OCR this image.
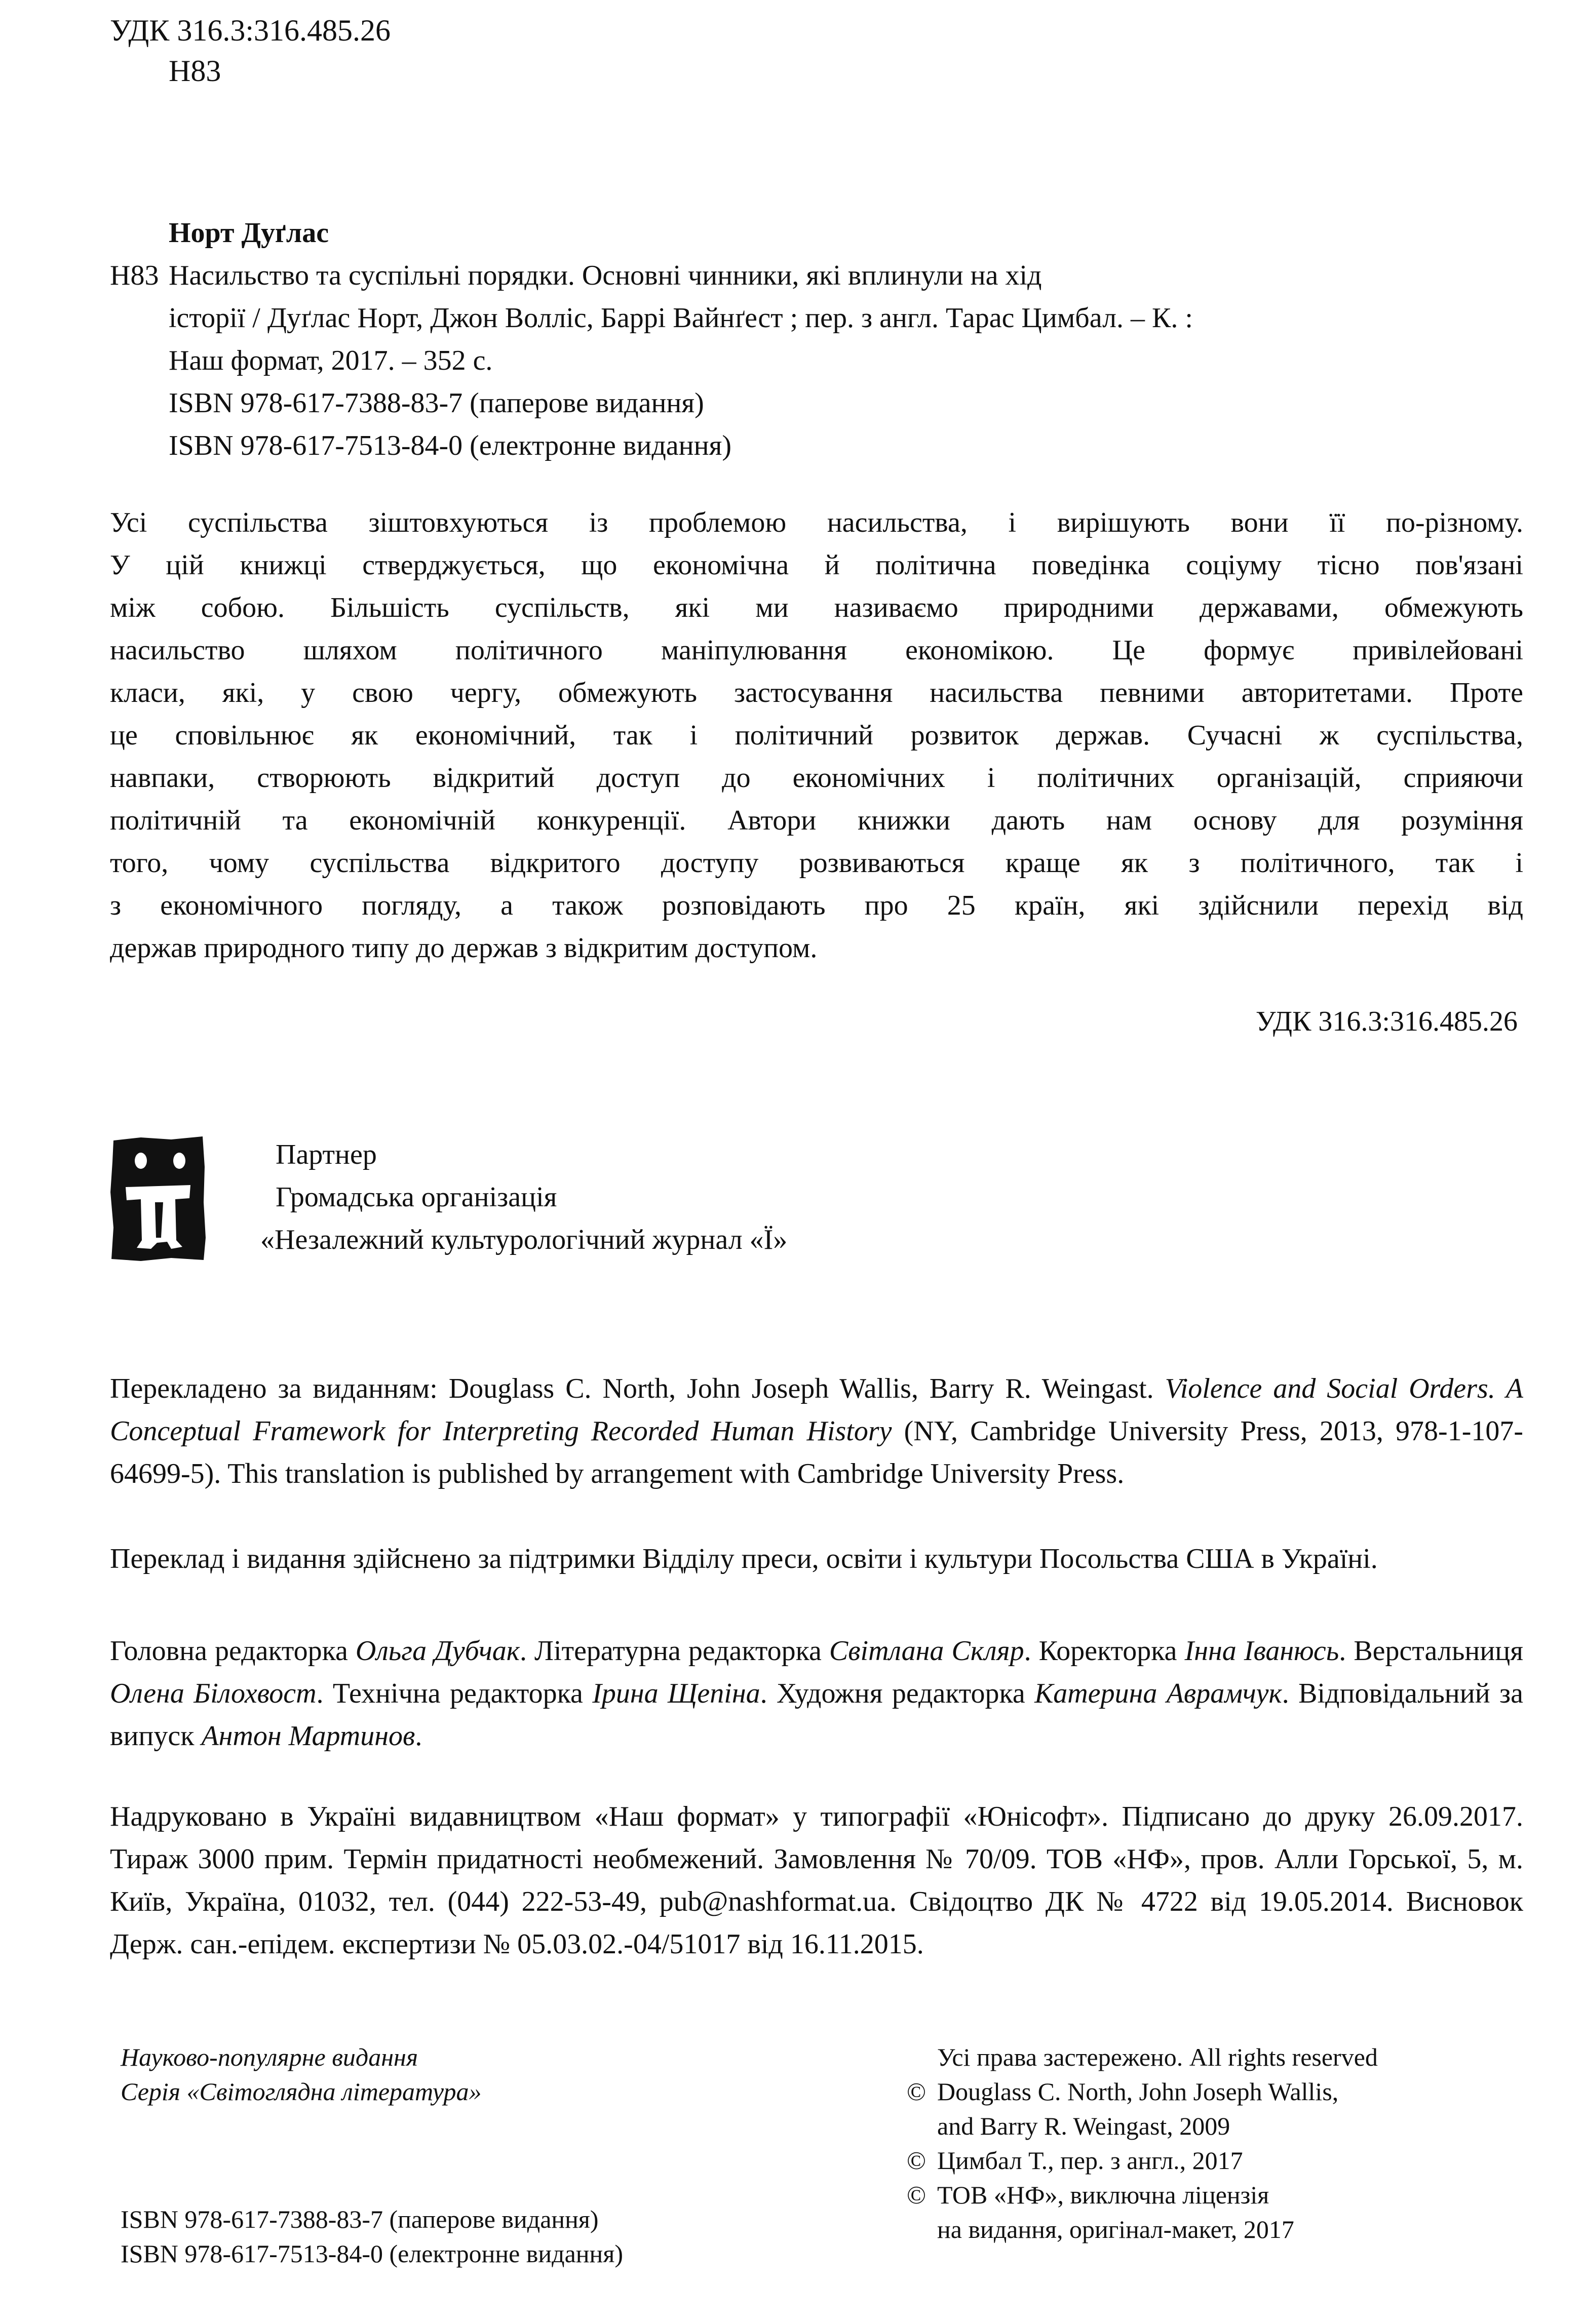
УДК 316.3:316.485.26
Н83
Норт Дуґлас
Н83 Насильство та суспільні порядки. Основні чинники, які вплинули на хід
історії / Дуґлас Норт, Джон Волліс, Баррі Вайнґест ; пер. з англ. Тарас Цимбал. – К. :
Наш формат, 2017. – 352 с.
ISBN 978-617-7388-83-7 (паперове видання)
ISBN 978-617-7513-84-0 (електронне видання)
Усі суспільства зіштовхуються із проблемою насильства, і вирішують вони її по-різному.
У цій книжці стверджується, що економічна й політична поведінка соціуму тісно пов'язані
між собою. Більшість суспільств, які ми називаємо природними державами, обмежують
насильство шляхом політичного маніпулювання економікою. Це формує привілейовані
класи, які, у свою чергу, обмежують застосування насильства певними авторитетами. Проте
це сповільнює як економічний, так і політичний розвиток держав. Сучасні ж суспільства,
навпаки, створюють відкритий доступ до економічних і політичних організацій, сприяючи
політичній та економічній конкуренції. Автори книжки дають нам основу для розуміння
того, чому суспільства відкритого доступу розвиваються краще як з політичного, так і
з економічного погляду, а також розповідають про 25 країн, які здійснили перехід від
держав природного типу до держав з відкритим доступом.
УДК 316.3:316.485.26
Партнер
Громадська організація
«Незалежний культурологічний журнал «Ї»
Перекладено за виданням: Douglass C. North, John Joseph Wallis, Barry R. Weingast. Violence and Social Orders. A Conceptual Framework for Interpreting Recorded Human History (NY, Cambridge University Press, 2013, 978-1-107-64699-5). This translation is published by arrangement with Cambridge University Press.
Переклад і видання здійснено за підтримки Відділу преси, освіти і культури Посольства США в Україні.
Головна редакторка Ольга Дубчак. Літературна редакторка Світлана Скляр. Коректорка Інна Іванюсь. Верстальниця Олена Білохвост. Технічна редакторка Ірина Щепіна. Художня редакторка Катерина Аврамчук. Відповідальний за випуск Антон Мартинов.
Надруковано в Україні видавництвом «Наш формат» у типографії «Юнісофт». Підписано до друку 26.09.2017. Тираж 3000 прим. Термін придатності необмежений. Замовлення № 70/09. ТОВ «НФ», пров. Алли Горської, 5, м. Київ, Україна, 01032, тел. (044) 222-53-49, pub@nashformat.ua. Свідоцтво ДК № 4722 від 19.05.2014. Висновок Держ. сан.-епідем. експертизи № 05.03.02.-04/51017 від 16.11.2015.
Науково-популярне видання
Серія «Світоглядна література»
ISBN 978-617-7388-83-7 (паперове видання)
ISBN 978-617-7513-84-0 (електронне видання)
Усі права застережено. All rights reserved
© Douglass C. North, John Joseph Wallis,
and Barry R. Weingast, 2009
© Цимбал Т., пер. з англ., 2017
© ТОВ «НФ», виключна ліцензія
на видання, оригінал-макет, 2017
